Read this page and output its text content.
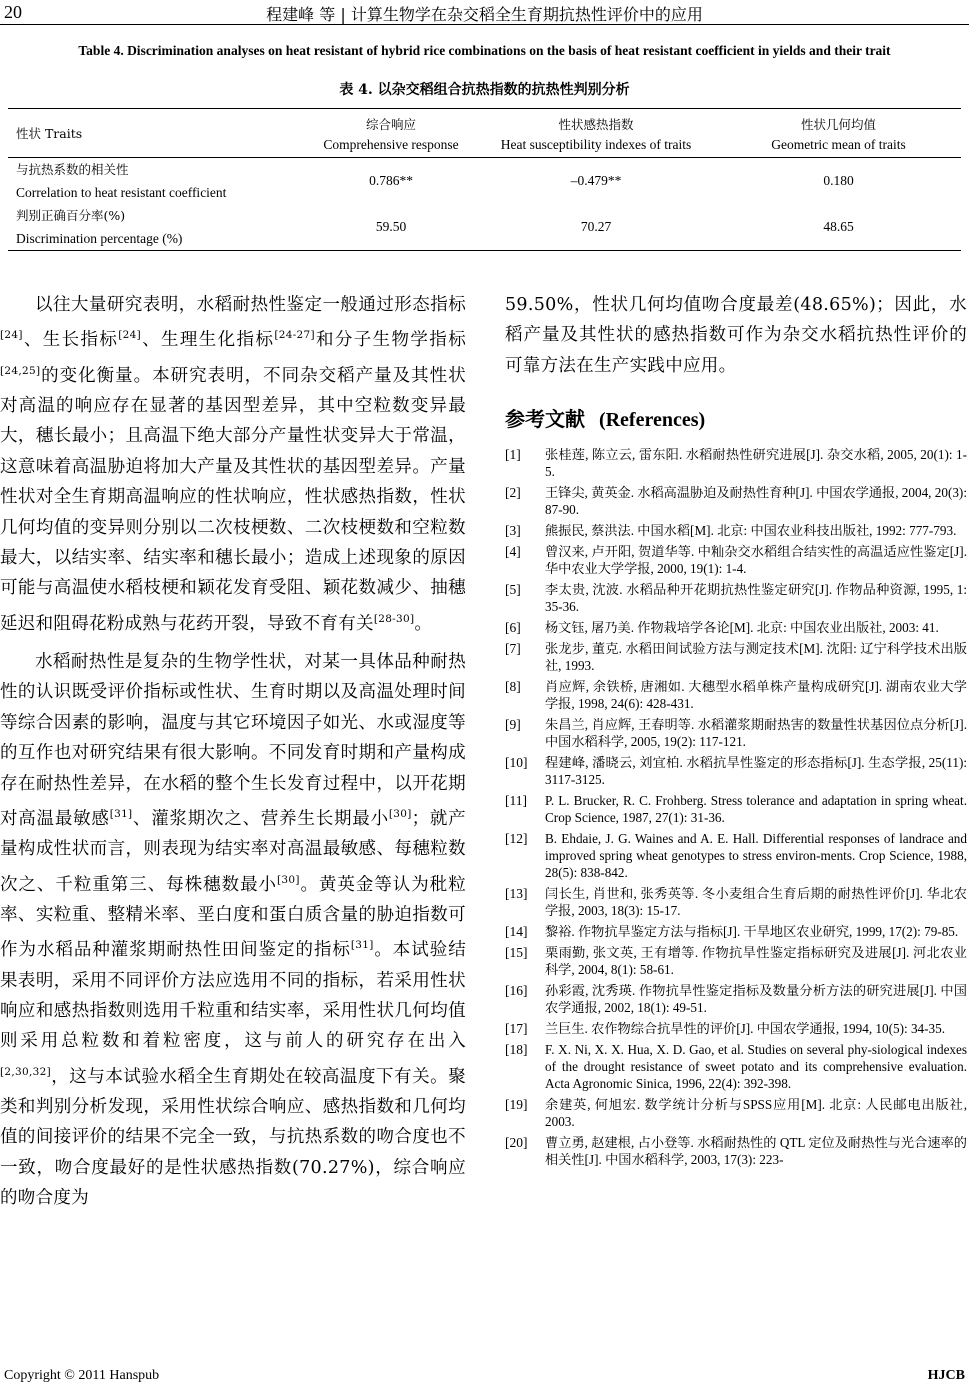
20	程建峰 等 | 计算生物学在杂交稻全生育期抗热性评价中的应用
Table 4. Discrimination analyses on heat resistant of hybrid rice combinations on the basis of heat resistant coefficient in yields and their trait
表 4. 以杂交稻组合抗热指数的抗热性判别分析
性状 Traits	综合响应	性状感热指数	性状几何均值
	Comprehensive response	Heat susceptibility indexes of traits	Geometric mean of traits

与抗热系数的相关性
Correlation to heat resistant coefficient	0.786**	–0.479**	0.180

判别正确百分率(%)
Discrimination percentage (%)	59.50	70.27	48.65

以往大量研究表明，水稻耐热性鉴定一般通过形态指标[24]、生长指标[24]、生理生化指标[24-27]和分子生物学指标[24,25]的变化衡量。本研究表明，不同杂交稻产量及其性状对高温的响应存在显著的基因型差异，其中空粒数变异最大，穗长最小；且高温下绝大部分产量性状变异大于常温，这意味着高温胁迫将加大产量及其性状的基因型差异。产量性状对全生育期高温响应的性状响应，性状感热指数，性状几何均值的变异则分别以二次枝梗数、二次枝梗数和空粒数最大，以结实率、结实率和穗长最小；造成上述现象的原因可能与高温使水稻枝梗和颖花发育受阻、颖花数减少、抽穗延迟和阻碍花粉成熟与花药开裂，导致不育有关[28-30]。

水稻耐热性是复杂的生物学性状，对某一具体品种耐热性的认识既受评价指标或性状、生育时期以及高温处理时间等综合因素的影响，温度与其它环境因子如光、水或湿度等的互作也对研究结果有很大影响。不同发育时期和产量构成存在耐热性差异，在水稻的整个生长发育过程中，以开花期对高温最敏感[31]、灌浆期次之、营养生长期最小[30]；就产量构成性状而言，则表现为结实率对高温最敏感、每穗粒数次之、千粒重第三、每株穗数最小[30]。黄英金等认为秕粒率、实粒重、整精米率、垩白度和蛋白质含量的胁迫指数可作为水稻品种灌浆期耐热性田间鉴定的指标[31]。本试验结果表明，采用不同评价方法应选用不同的指标，若采用性状响应和感热指数则选用千粒重和结实率，采用性状几何均值则采用总粒数和着粒密度，这与前人的研究存在出入[2,30,32]，这与本试验水稻全生育期处在较高温度下有关。聚类和判别分析发现，采用性状综合响应、感热指数和几何均值的间接评价的结果不完全一致，与抗热系数的吻合度也不一致，吻合度最好的是性状感热指数(70.27%)，综合响应的吻合度为

59.50%，性状几何均值吻合度最差(48.65%)；因此，水稻产量及其性状的感热指数可作为杂交水稻抗热性评价的可靠方法在生产实践中应用。

参考文献 (References)
[1]	张桂莲, 陈立云, 雷东阳. 水稻耐热性研究进展[J]. 杂交水稻, 2005, 20(1): 1-5.
[2]	王锋尖, 黄英金. 水稻高温胁迫及耐热性育种[J]. 中国农学通报, 2004, 20(3): 87-90.
[3]	熊振民, 蔡洪法. 中国水稻[M]. 北京: 中国农业科技出版社, 1992: 777-793.
[4]	曾汉来, 卢开阳, 贺道华等. 中籼杂交水稻组合结实性的高温适应性鉴定[J]. 华中农业大学学报, 2000, 19(1): 1-4.
[5]	李太贵, 沈波. 水稻品种开花期抗热性鉴定研究[J]. 作物品种资源, 1995, 1: 35-36.
[6]	杨文钰, 屠乃美. 作物栽培学各论[M]. 北京: 中国农业出版社, 2003: 41.
[7]	张龙步, 董克. 水稻田间试验方法与测定技术[M]. 沈阳: 辽宁科学技术出版社, 1993.
[8]	肖应辉, 余铁桥, 唐湘如. 大穗型水稻单株产量构成研究[J]. 湖南农业大学学报, 1998, 24(6): 428-431.
[9]	朱昌兰, 肖应辉, 王春明等. 水稻灌浆期耐热害的数量性状基因位点分析[J]. 中国水稻科学, 2005, 19(2): 117-121.
[10]	程建峰, 潘晓云, 刘宜柏. 水稻抗旱性鉴定的形态指标[J]. 生态学报, 25(11): 3117-3125.
[11]	P. L. Brucker, R. C. Frohberg. Stress tolerance and adaptation in spring wheat. Crop Science, 1987, 27(1): 31-36.
[12]	B. Ehdaie, J. G. Waines and A. E. Hall. Differential responses of landrace and improved spring wheat genotypes to stress environ-ments. Crop Science, 1988, 28(5): 838-842.
[13]	闫长生, 肖世和, 张秀英等. 冬小麦组合生育后期的耐热性评价[J]. 华北农学报, 2003, 18(3): 15-17.
[14]	黎裕. 作物抗旱鉴定方法与指标[J]. 干旱地区农业研究, 1999, 17(2): 79-85.
[15]	栗雨勤, 张文英, 王有增等. 作物抗旱性鉴定指标研究及进展[J]. 河北农业科学, 2004, 8(1): 58-61.
[16]	孙彩霞, 沈秀瑛. 作物抗旱性鉴定指标及数量分析方法的研究进展[J]. 中国农学通报, 2002, 18(1): 49-51.
[17]	兰巨生. 农作物综合抗旱性的评价[J]. 中国农学通报, 1994, 10(5): 34-35.
[18]	F. X. Ni, X. X. Hua, X. D. Gao, et al. Studies on several phy-siological indexes of the drought resistance of sweet potato and its comprehensive evaluation. Acta Agronomic Sinica, 1996, 22(4): 392-398.
[19]	余建英, 何旭宏. 数学统计分析与SPSS应用[M]. 北京: 人民邮电出版社, 2003.
[20]	曹立勇, 赵建根, 占小登等. 水稻耐热性的 QTL 定位及耐热性与光合速率的相关性[J]. 中国水稻科学, 2003, 17(3): 223-
Copyright © 2011 Hanspub	HJCB
